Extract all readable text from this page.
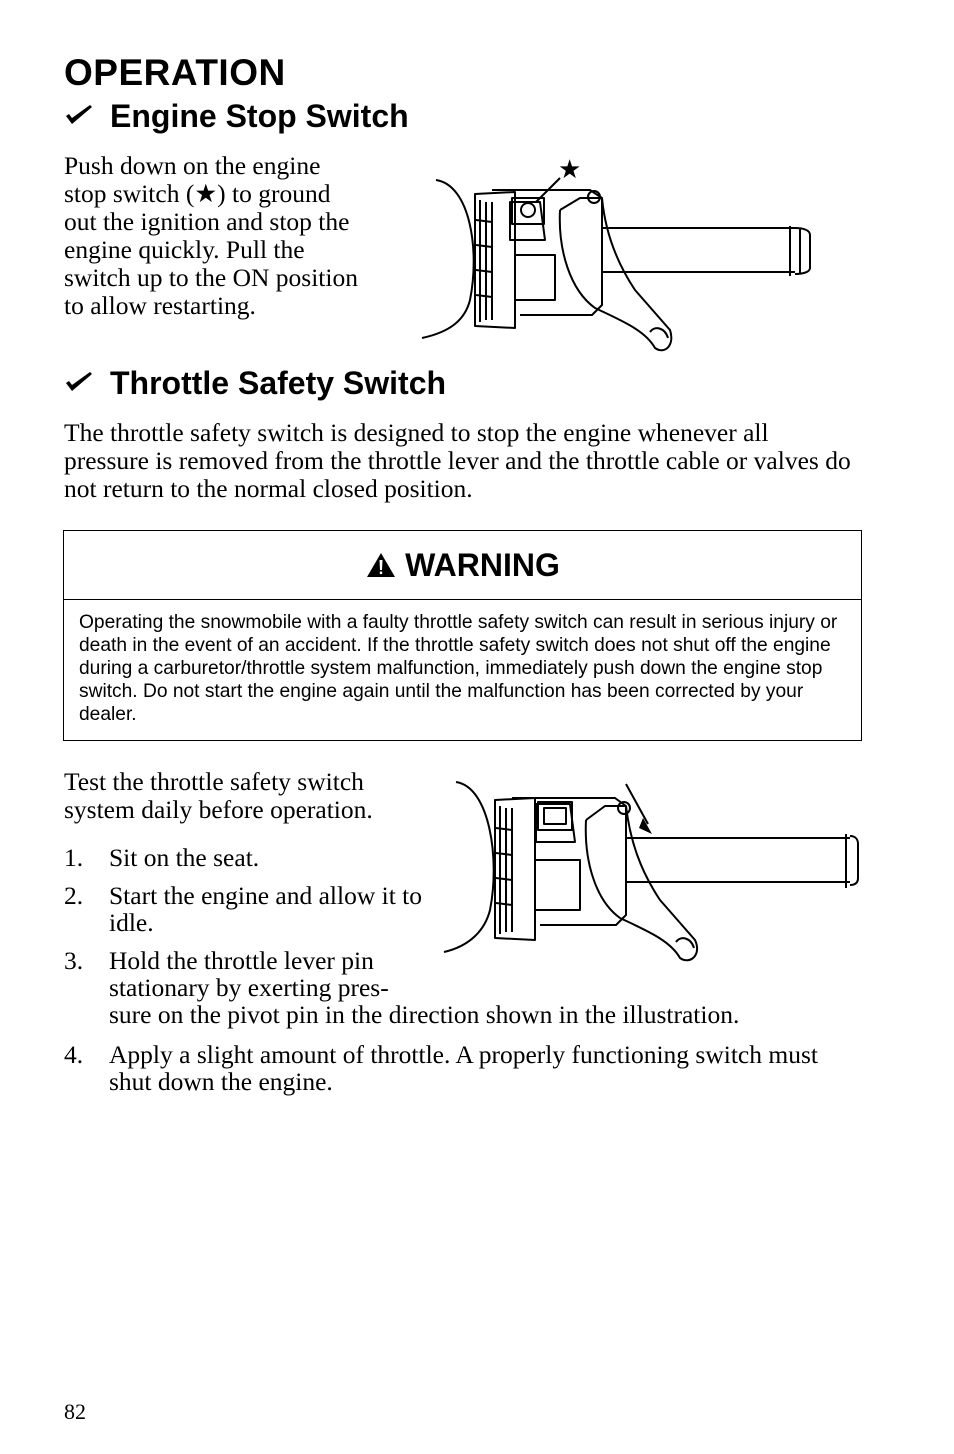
OPERATION
Engine Stop Switch

Push down on the engine stop switch (★) to ground out the ignition and stop the engine quickly. Pull the switch up to the ON position to allow restarting.

★
Throttle Safety Switch

The throttle safety switch is designed to stop the engine whenever all pressure is removed from the throttle lever and the throttle cable or valves do not return to the normal closed position.

WARNING

Operating the snowmobile with a faulty throttle safety switch can result in serious injury or death in the event of an accident. If the throttle safety switch does not shut off the engine during a carburetor/throttle system malfunction, immediately push down the engine stop switch. Do not start the engine again until the malfunction has been corrected by your dealer.

Test the throttle safety switch system daily before operation.

1.	Sit on the seat.
2.	Start the engine and allow it to idle.
3. Hold the throttle lever pin
stationary by exerting pres-
sure on the pivot pin in the direction shown in the illustration.
4.	Apply a slight amount of throttle. A properly functioning switch must shut down the engine.

82
